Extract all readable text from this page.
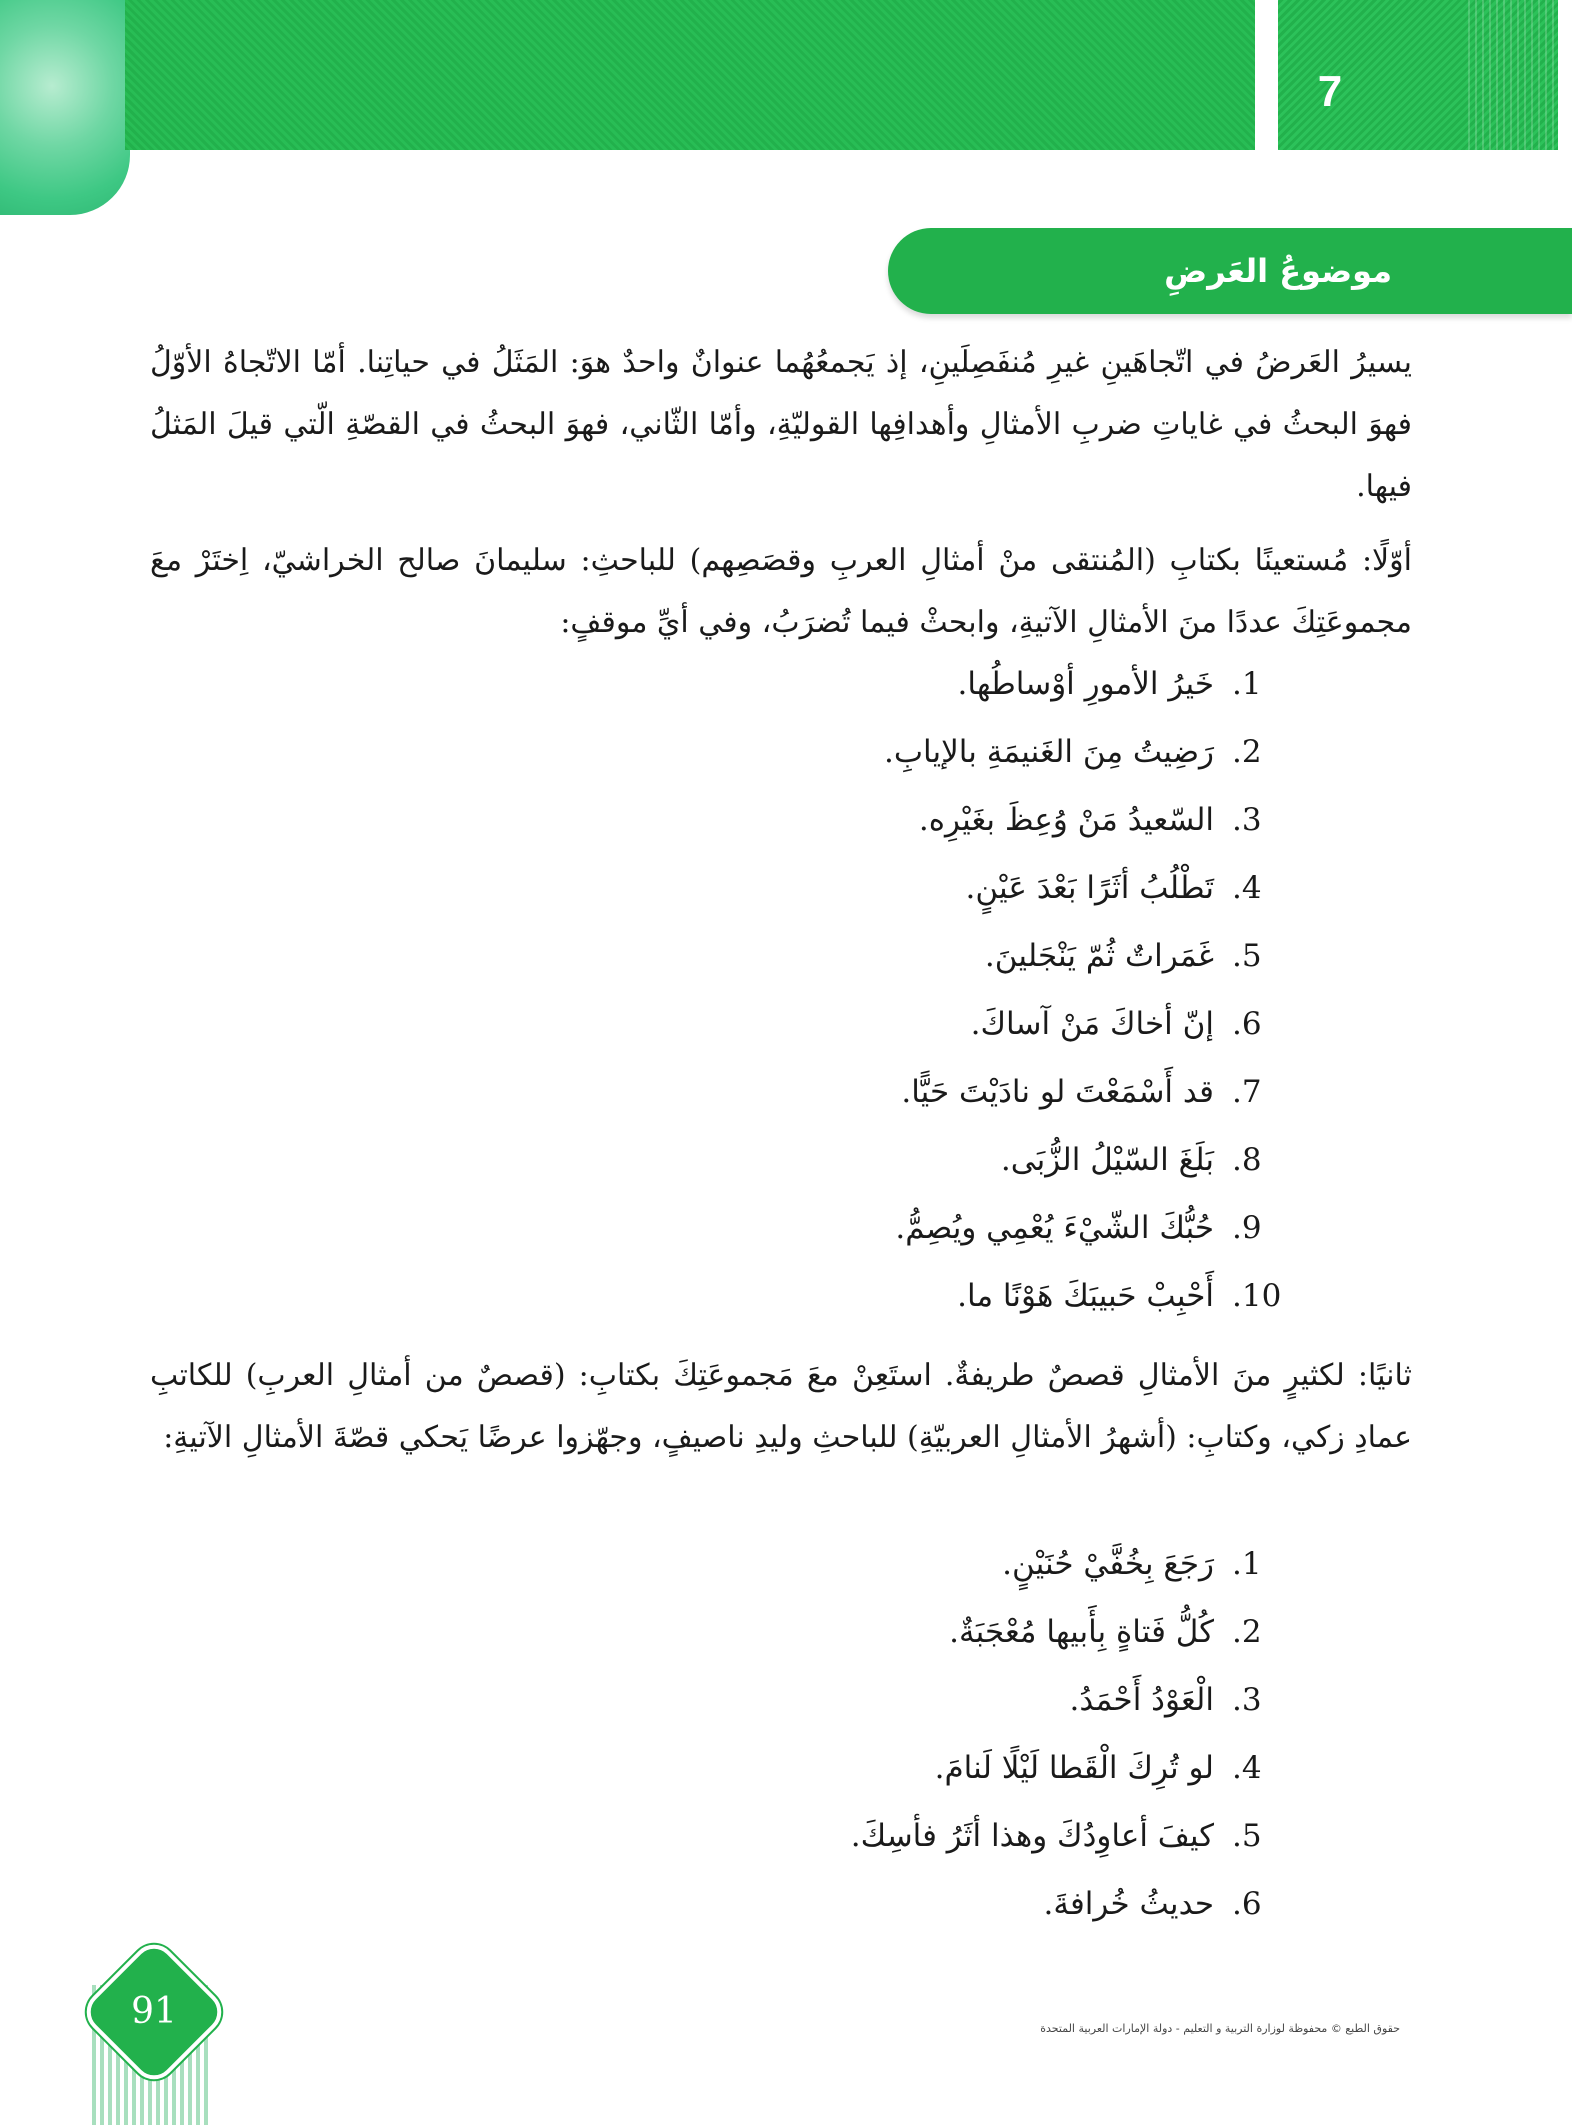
7
موضوعُ العَرضِ
يسيرُ العَرضُ في اتّجاهَينِ غيرِ مُنفَصِلَينِ، إذ يَجمعُهُما عنوانٌ واحدٌ هوَ: المَثَلُ في حياتِنا. أمّا الاتّجاهُ الأوّلُ فهوَ البحثُ في غاياتِ ضربِ الأمثالِ وأهدافِها القوليّةِ، وأمّا الثّاني، فهوَ البحثُ في القصّةِ الّتي قيلَ المَثلُ فيها.
أوّلًا: مُستعينًا بكتابِ (المُنتقى منْ أمثالِ العربِ وقصَصِهم) للباحثِ: سليمانَ صالح الخراشيّ، اِختَرْ معَ مجموعَتِكَ عددًا منَ الأمثالِ الآتيةِ، وابحثْ فيما تُضرَبُ، وفي أيِّ موقفٍ:
1.خَيرُ الأمورِ أوْساطُها.
2.رَضِيتُ مِنَ الغَنيمَةِ بالإيابِ.
3.السّعيدُ مَنْ وُعِظَ بغَيْرِه.
4.تَطْلُبُ أثَرًا بَعْدَ عَيْنٍ.
5.غَمَراتٌ ثُمّ يَنْجَلينَ.
6.إنّ أخاكَ مَنْ آساكَ.
7.قد أَسْمَعْتَ لو نادَيْتَ حَيًّا.
8.بَلَغَ السّيْلُ الزُّبَى.
9.حُبُّكَ الشّيْءَ يُعْمِي ويُصِمُّ.
10.أَحْبِبْ حَبيبَكَ هَوْنًا ما.
ثانيًا: لكثيرٍ منَ الأمثالِ قصصٌ طريفةٌ. استَعِنْ معَ مَجموعَتِكَ بكتابِ: (قصصٌ من أمثالِ العربِ) للكاتبِ عمادِ زكي، وكتابِ: (أشهرُ الأمثالِ العربيّةِ) للباحثِ وليدِ ناصيفٍ، وجهّزوا عرضًا يَحكي قصّةَ الأمثالِ الآتيةِ:
1.رَجَعَ بِخُفَّيْ حُنَيْنٍ.
2.كُلُّ فَتاةٍ بِأَبيها مُعْجَبَةٌ.
3.الْعَوْدُ أَحْمَدُ.
4.لو تُرِكَ الْقَطا لَيْلًا لَنامَ.
5.كيفَ أعاوِدُكَ وهذا أثَرُ فأسِكَ.
6.حديثُ خُرافةَ.
91	حقوق الطبع © محفوظة لوزارة التربية و التعليم - دولة الإمارات العربية المتحدة
